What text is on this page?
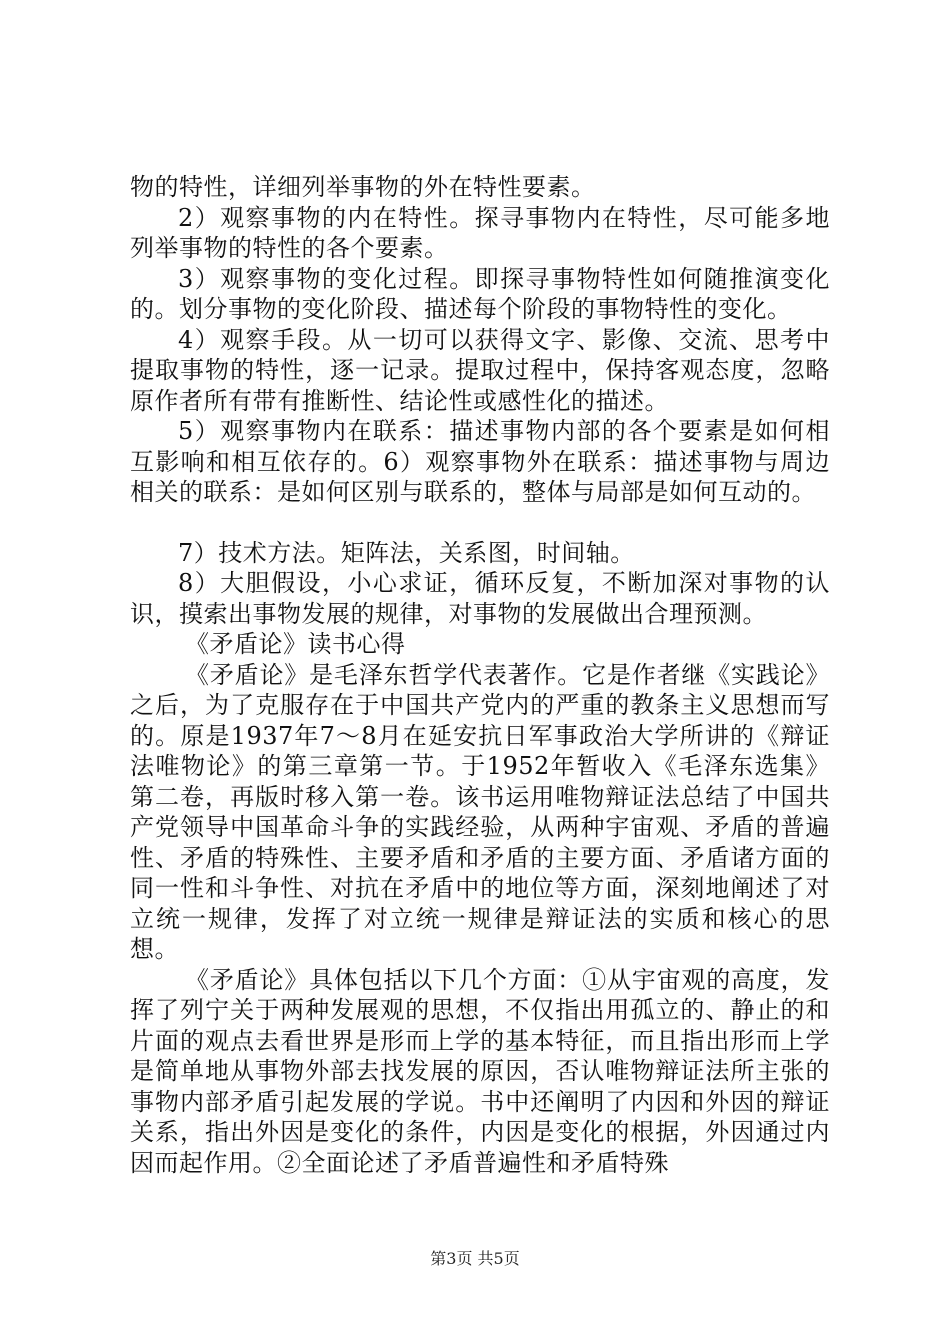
物的特性，详细列举事物的外在特性要素。

2）观察事物的内在特性。探寻事物内在特性，尽可能多地列举事物的特性的各个要素。

3）观察事物的变化过程。即探寻事物特性如何随推演变化的。划分事物的变化阶段、描述每个阶段的事物特性的变化。

4）观察手段。从一切可以获得文字、影像、交流、思考中提取事物的特性，逐一记录。提取过程中，保持客观态度，忽略原作者所有带有推断性、结论性或感性化的描述。

5）观察事物内在联系：描述事物内部的各个要素是如何相互影响和相互依存的。6）观察事物外在联系：描述事物与周边相关的联系：是如何区别与联系的，整体与局部是如何互动的。

7）技术方法。矩阵法，关系图，时间轴。

8）大胆假设，小心求证，循环反复，不断加深对事物的认识，摸索出事物发展的规律，对事物的发展做出合理预测。

《矛盾论》读书心得

《矛盾论》是毛泽东哲学代表著作。它是作者继《实践论》之后，为了克服存在于中国共产党内的严重的教条主义思想而写的。原是1937年7～8月在延安抗日军事政治大学所讲的《辩证法唯物论》的第三章第一节。于1952年暂收入《毛泽东选集》第二卷，再版时移入第一卷。该书运用唯物辩证法总结了中国共产党领导中国革命斗争的实践经验，从两种宇宙观、矛盾的普遍性、矛盾的特殊性、主要矛盾和矛盾的主要方面、矛盾诸方面的同一性和斗争性、对抗在矛盾中的地位等方面，深刻地阐述了对立统一规律，发挥了对立统一规律是辩证法的实质和核心的思想。

《矛盾论》具体包括以下几个方面：①从宇宙观的高度，发挥了列宁关于两种发展观的思想，不仅指出用孤立的、静止的和片面的观点去看世界是形而上学的基本特征，而且指出形而上学是简单地从事物外部去找发展的原因，否认唯物辩证法所主张的事物内部矛盾引起发展的学说。书中还阐明了内因和外因的辩证关系，指出外因是变化的条件，内因是变化的根据，外因通过内因而起作用。②全面论述了矛盾普遍性和矛盾特殊

第3页 共5页
